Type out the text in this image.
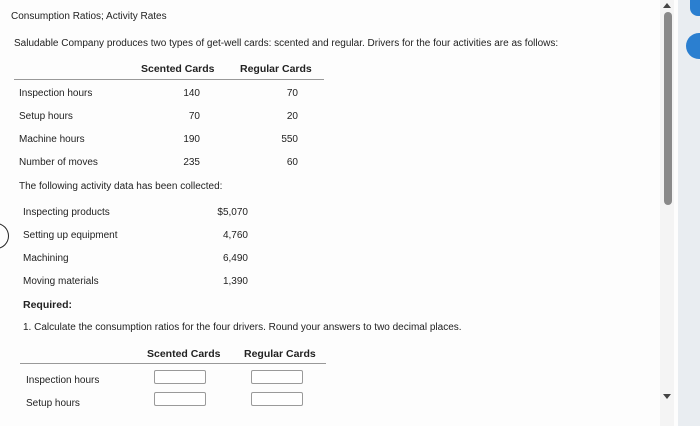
Consumption Ratios; Activity Rates
Saludable Company produces two types of get-well cards: scented and regular. Drivers for the four activities are as follows:
Scented Cards Regular Cards
Inspection hours	140	70
Setup hours	70	20
Machine hours	190	550
Number of moves	235	60
The following activity data has been collected:
Inspecting products	$5,070
Setting up equipment	4,760
Machining	6,490
Moving materials	1,390
Required:
1. Calculate the consumption ratios for the four drivers. Round your answers to two decimal places.
Scented Cards Regular Cards
Inspection hours
Setup hours
